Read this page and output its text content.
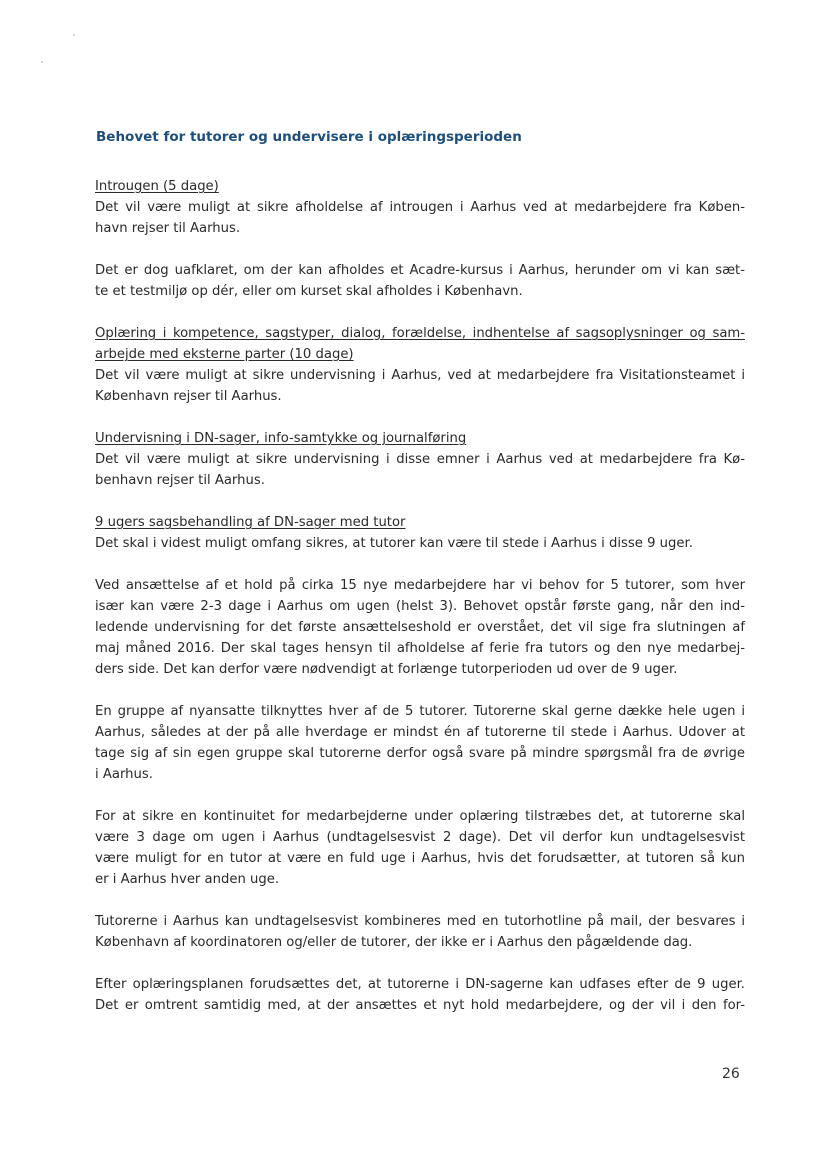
Behovet for tutorer og undervisere i oplæringsperioden
Introugen (5 dage)
Det vil være muligt at sikre afholdelse af introugen i Aarhus ved at medarbejdere fra Køben-
havn rejser til Aarhus.
Det er dog uafklaret, om der kan afholdes et Acadre-kursus i Aarhus, herunder om vi kan sæt-
te et testmiljø op dér, eller om kurset skal afholdes i København.
Oplæring i kompetence, sagstyper, dialog, forældelse, indhentelse af sagsoplysninger og sam-
arbejde med eksterne parter (10 dage)
Det vil være muligt at sikre undervisning i Aarhus, ved at medarbejdere fra Visitationsteamet i
København rejser til Aarhus.
Undervisning i DN-sager, info-samtykke og journalføring
Det vil være muligt at sikre undervisning i disse emner i Aarhus ved at medarbejdere fra Kø-
benhavn rejser til Aarhus.
9 ugers sagsbehandling af DN-sager med tutor
Det skal i videst muligt omfang sikres, at tutorer kan være til stede i Aarhus i disse 9 uger.
Ved ansættelse af et hold på cirka 15 nye medarbejdere har vi behov for 5 tutorer, som hver
især kan være 2-3 dage i Aarhus om ugen (helst 3). Behovet opstår første gang, når den ind-
ledende undervisning for det første ansættelseshold er overstået, det vil sige fra slutningen af
maj måned 2016. Der skal tages hensyn til afholdelse af ferie fra tutors og den nye medarbej-
ders side. Det kan derfor være nødvendigt at forlænge tutorperioden ud over de 9 uger.
En gruppe af nyansatte tilknyttes hver af de 5 tutorer. Tutorerne skal gerne dække hele ugen i
Aarhus, således at der på alle hverdage er mindst én af tutorerne til stede i Aarhus. Udover at
tage sig af sin egen gruppe skal tutorerne derfor også svare på mindre spørgsmål fra de øvrige
i Aarhus.
For at sikre en kontinuitet for medarbejderne under oplæring tilstræbes det, at tutorerne skal
være 3 dage om ugen i Aarhus (undtagelsesvist 2 dage). Det vil derfor kun undtagelsesvist
være muligt for en tutor at være en fuld uge i Aarhus, hvis det forudsætter, at tutoren så kun
er i Aarhus hver anden uge.
Tutorerne i Aarhus kan undtagelsesvist kombineres med en tutorhotline på mail, der besvares i
København af koordinatoren og/eller de tutorer, der ikke er i Aarhus den pågældende dag.
Efter oplæringsplanen forudsættes det, at tutorerne i DN-sagerne kan udfases efter de 9 uger.
Det er omtrent samtidig med, at der ansættes et nyt hold medarbejdere, og der vil i den for-
26
